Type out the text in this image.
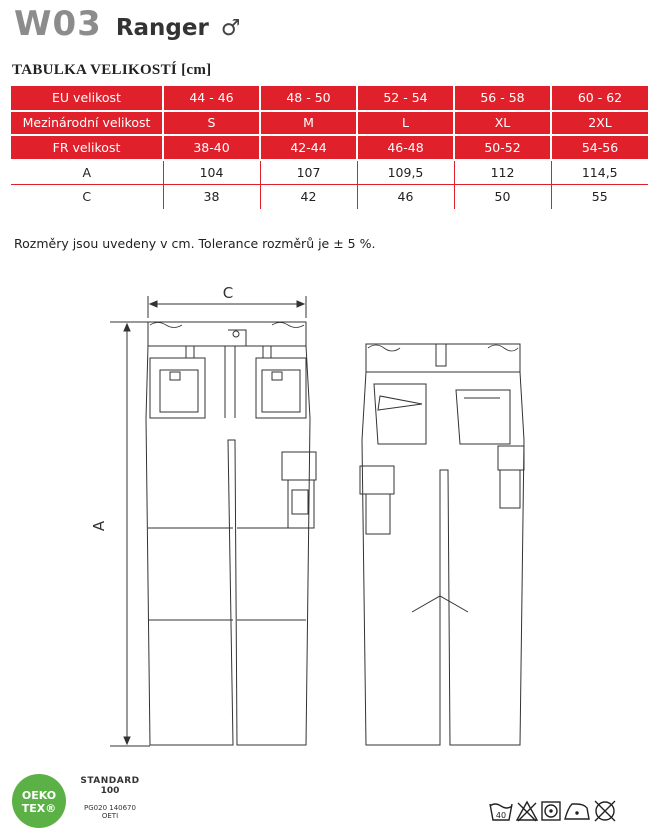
W03 Ranger ♂
TABULKA VELIKOSTÍ [cm]
EU velikost	44 - 46	48 - 50	52 - 54	56 - 58	60 - 62
Mezinárodní velikost	S	M	L	XL	2XL
FR velikost	38-40	42-44	46-48	50-52	54-56
A	104	107	109,5	112	114,5
C	38	42	46	50	55
Rozměry jsou uvedeny v cm. Tolerance rozměrů je ± 5 %.
C
A
OEKO
TEX®
STANDARD
100
PG020 140670
OETI	40
